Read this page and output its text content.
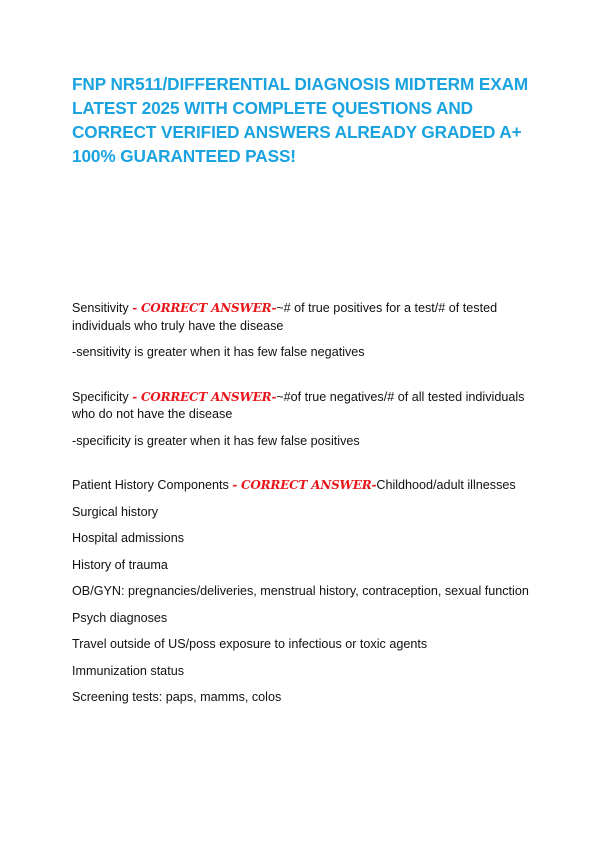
FNP NR511/DIFFERENTIAL DIAGNOSIS MIDTERM EXAM LATEST 2025 WITH COMPLETE QUESTIONS AND CORRECT VERIFIED ANSWERS ALREADY GRADED A+ 100% GUARANTEED PASS!

Sensitivity - CORRECT ANSWER-~# of true positives for a test/# of tested individuals who truly have the disease

-sensitivity is greater when it has few false negatives

Specificity - CORRECT ANSWER-~#of true negatives/# of all tested individuals who do not have the disease

-specificity is greater when it has few false positives

Patient History Components - CORRECT ANSWER-Childhood/adult illnesses

Surgical history

Hospital admissions

History of trauma

OB/GYN: pregnancies/deliveries, menstrual history, contraception, sexual function

Psych diagnoses

Travel outside of US/poss exposure to infectious or toxic agents

Immunization status

Screening tests: paps, mamms, colos
